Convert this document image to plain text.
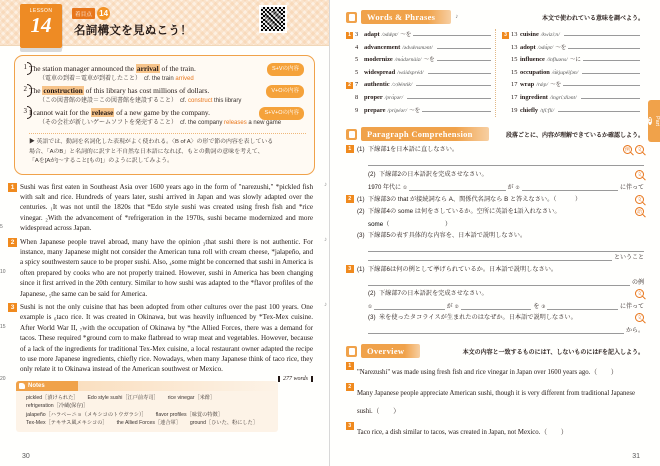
LESSON
14	着目点 14
名詞構文を見ぬこう！
1 The station manager announced the arrival of the train.	S+Vの内容
（電車の到着＝電車が到着したこと）　cf. the train arrived
2 The construction of this library has cost millions of dollars.	V+Oの内容
（この図書館の建設＝この図書館を建設すること）　cf. construct this library
3 I cannot wait for the release of a new game by the company.	S+V+Oの内容
（その会社が新しいゲームソフトを発売すること）　cf. the company releases a new game
▶ 英語では、動詞を名詞化した表現がよく使われる。〈B of A〉の形で節の内容を表している
場合、「AのB」と名詞的に訳すと不自然な日本語になれば、もとの動詞の意味を考えて、
「Aを[Aが]〜すること[もの]」のように訳してみよう。
1	♪
5
Sushi was first eaten in Southeast Asia over 1600 years ago in the form of "narezushi," *pickled fish with salt and rice. Hundreds of years later, sushi arrived in Japan and was slowly adapted over the centuries. ₁It was not until the 1820s that *Edo style sushi was created using fresh fish and *rice vinegar. ₂With the advancement of *refrigeration in the 1970s, sushi became modernized and more widespread across Japan.
2	♪
10
When Japanese people travel abroad, many have the opinion ₃that sushi there is not authentic. For instance, many Japanese might not consider the American tuna roll with cream cheese, *jalapeño, and a spicy southwestern sauce to be proper sushi. Also, ₄some might be concerned that sushi in America is often prepared by cooks who are not properly trained. However, sushi in America has been changing since it first arrived in the 20th century. Similar to how sushi was adapted to the *flavor profiles of the Japanese, ₅the same can be said for America.
3	♪
15
20
Sushi is not the only cuisine that has been adopted from other cultures over the past 100 years. One example is ₆taco rice. It was created in Okinawa, but was heavily influenced by *Tex-Mex cuisine. After World War II, ₇with the occupation of Okinawa by *the Allied Forces, there was a demand for tacos. These required *ground corn to make flatbread to wrap meat and vegetables. However, because of a lack of the ingredients for traditional Tex-Mex cuisine, a local restaurant owner adapted the recipe to use more Japanese ingredients, chiefly rice. Nowadays, when many Japanese think of taco rice, they only relate it to Okinawa instead of the American southwest or Mexico.
277 words
Notes
pickled［漬けられた］ Edo style sushi［江戸前寿司］ rice vinegar［米酢］refrigeration［冷蔵(保存)］
jalapeño［ハラペーニョ（メキシコのトウガラシ）］ flavor profiles［味覚の特徴］
Tex-Mex［テキサス風メキシコの］ the Allied Forces［連合軍］ ground［ひいた、粉にした］
30
Words & Phrases	♪	本文で使われている意味を調べよう。
1 3 adapt /ədǽpt/ 〜を
4 advancement /ədvǽnsmənt/
5 modernize /mɑ́dərnàiz/ 〜を
5 widespread /wáidspréd/
2 7 authentic /ɔːθéntik/
8 proper /prɑ́pər/
9 prepare /pripéər/ 〜を
3 13 cuisine /kwizíːn/
13 adopt /ədɑ́pt/ 〜を
15 influence /ínfluəns/ 〜に
15 occupation /ɑ̀kjupéiʃən/
17 wrap /rǽp/ 〜を
17 ingredient /ingríːdiənt/
19 chiefly /tʃíːfli/
Paragraph Comprehension	段落ごとに、内容が理解できているか確認しよう。
1 (1) 下線部1を日本語に直しなさい。	例	文
(2) 下線部2の日本語訳を完成させなさい。	文
1970 年代に ①	が ②	に伴って
2 (1) 下線部3の that が接続詞なら A、関係代名詞なら B と答えなさい。（　　　）	文
(2) 下線部4の some は何をさしているか。空所に英語を1語入れなさい。	語
some（　　　　　　　　　）
(3) 下線部5の表す具体的な内容を、日本語で説明しなさい。
ということ
3 (1) 下線部6は何の例として挙げられているか。日本語で説明しなさい。
の例
(2) 下線部7の日本語訳を完成させなさい。	文
①	が ②	を ③	に伴って
(3) 米を使ったタコライスが生まれたのはなぜか。日本語で説明しなさい。	文
から。
Overview	本文の内容と一致するものにはT、しないものにはFを記入しよう。
1
"Narezushi" was made using fresh fish and rice vinegar in Japan over 1600 years ago.（　　）
2
Many Japanese people appreciate American sushi, though it is very different from traditional Japanese sushi.（　　）
3
Taco rice, a dish similar to tacos, was created in Japan, not Mexico.（　　）
Part
3
31
